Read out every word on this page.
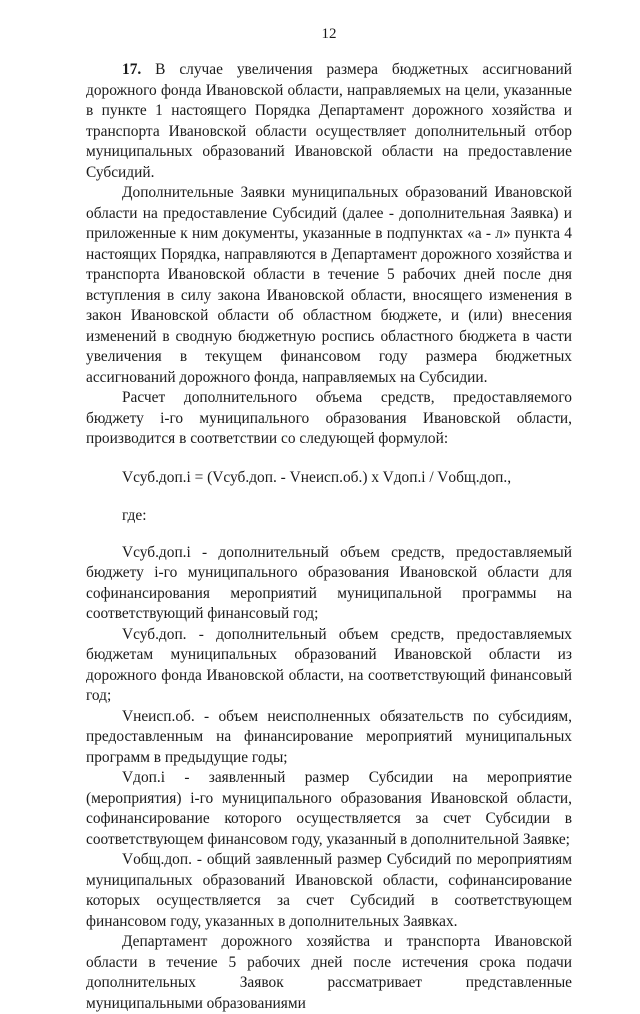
12

17. В случае увеличения размера бюджетных ассигнований дорожного фонда Ивановской области, направляемых на цели, указанные в пункте 1 настоящего Порядка Департамент дорожного хозяйства и транспорта Ивановской области осуществляет дополнительный отбор муниципальных образований Ивановской области на предоставление Субсидий.

Дополнительные Заявки муниципальных образований Ивановской области на предоставление Субсидий (далее - дополнительная Заявка) и приложенные к ним документы, указанные в подпунктах «а - л» пункта 4 настоящих Порядка, направляются в Департамент дорожного хозяйства и транспорта Ивановской области в течение 5 рабочих дней после дня вступления в силу закона Ивановской области, вносящего изменения в закон Ивановской области об областном бюджете, и (или) внесения изменений в сводную бюджетную роспись областного бюджета в части увеличения в текущем финансовом году размера бюджетных ассигнований дорожного фонда, направляемых на Субсидии.

Расчет дополнительного объема средств, предоставляемого бюджету i-го муниципального образования Ивановской области, производится в соответствии со следующей формулой:

Vсуб.доп.i = (Vсуб.доп. - Vнеисп.об.) x Vдоп.i / Vобщ.доп.,

где:

Vсуб.доп.i - дополнительный объем средств, предоставляемый бюджету i-го муниципального образования Ивановской области для софинансирования мероприятий муниципальной программы на соответствующий финансовый год;

Vсуб.доп. - дополнительный объем средств, предоставляемых бюджетам муниципальных образований Ивановской области из дорожного фонда Ивановской области, на соответствующий финансовый год;

Vнеисп.об. - объем неисполненных обязательств по субсидиям, предоставленным на финансирование мероприятий муниципальных программ в предыдущие годы;

Vдоп.i - заявленный размер Субсидии на мероприятие (мероприятия) i-го муниципального образования Ивановской области, софинансирование которого осуществляется за счет Субсидии в соответствующем финансовом году, указанный в дополнительной Заявке;

Vобщ.доп. - общий заявленный размер Субсидий по мероприятиям муниципальных образований Ивановской области, софинансирование которых осуществляется за счет Субсидий в соответствующем финансовом году, указанных в дополнительных Заявках.

Департамент дорожного хозяйства и транспорта Ивановской области в течение 5 рабочих дней после истечения срока подачи дополнительных Заявок рассматривает представленные муниципальными образованиями
